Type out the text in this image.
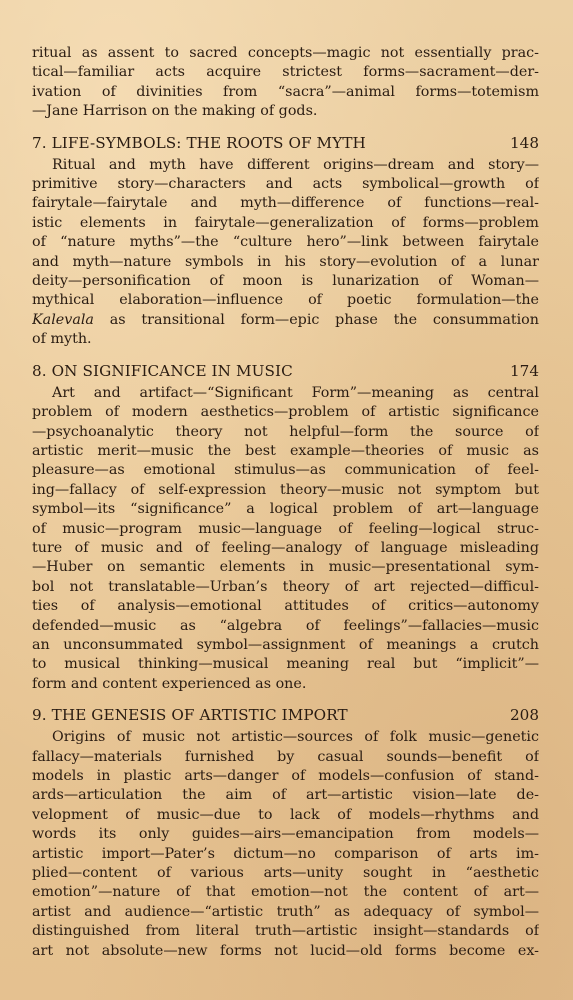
ritual as assent to sacred concepts—magic not essentially prac-
tical—familiar acts acquire strictest forms—sacrament—der-
ivation of divinities from “sacra”—animal forms—totemism
—Jane Harrison on the making of gods.
7. LIFE-SYMBOLS: THE ROOTS OF MYTH	148
Ritual and myth have different origins—dream and story—
primitive story—characters and acts symbolical—growth of
fairytale—fairytale and myth—difference of functions—real-
istic elements in fairytale—generalization of forms—problem
of “nature myths”—the “culture hero”—link between fairytale
and myth—nature symbols in his story—evolution of a lunar
deity—personification of moon is lunarization of Woman—
mythical elaboration—influence of poetic formulation—the
Kalevala as transitional form—epic phase the consummation
of myth.
8. ON SIGNIFICANCE IN MUSIC	174
Art and artifact—“Significant Form”—meaning as central
problem of modern aesthetics—problem of artistic significance
—psychoanalytic theory not helpful—form the source of
artistic merit—music the best example—theories of music as
pleasure—as emotional stimulus—as communication of feel-
ing—fallacy of self-expression theory—music not symptom but
symbol—its “significance” a logical problem of art—language
of music—program music—language of feeling—logical struc-
ture of music and of feeling—analogy of language misleading
—Huber on semantic elements in music—presentational sym-
bol not translatable—Urban’s theory of art rejected—difficul-
ties of analysis—emotional attitudes of critics—autonomy
defended—music as “algebra of feelings”—fallacies—music
an unconsummated symbol—assignment of meanings a crutch
to musical thinking—musical meaning real but “implicit”—
form and content experienced as one.
9. THE GENESIS OF ARTISTIC IMPORT	208
Origins of music not artistic—sources of folk music—genetic
fallacy—materials furnished by casual sounds—benefit of
models in plastic arts—danger of models—confusion of stand-
ards—articulation the aim of art—artistic vision—late de-
velopment of music—due to lack of models—rhythms and
words its only guides—airs—emancipation from models—
artistic import—Pater’s dictum—no comparison of arts im-
plied—content of various arts—unity sought in “aesthetic
emotion”—nature of that emotion—not the content of art—
artist and audience—“artistic truth” as adequacy of symbol—
distinguished from literal truth—artistic insight—standards of
art not absolute—new forms not lucid—old forms become ex-
